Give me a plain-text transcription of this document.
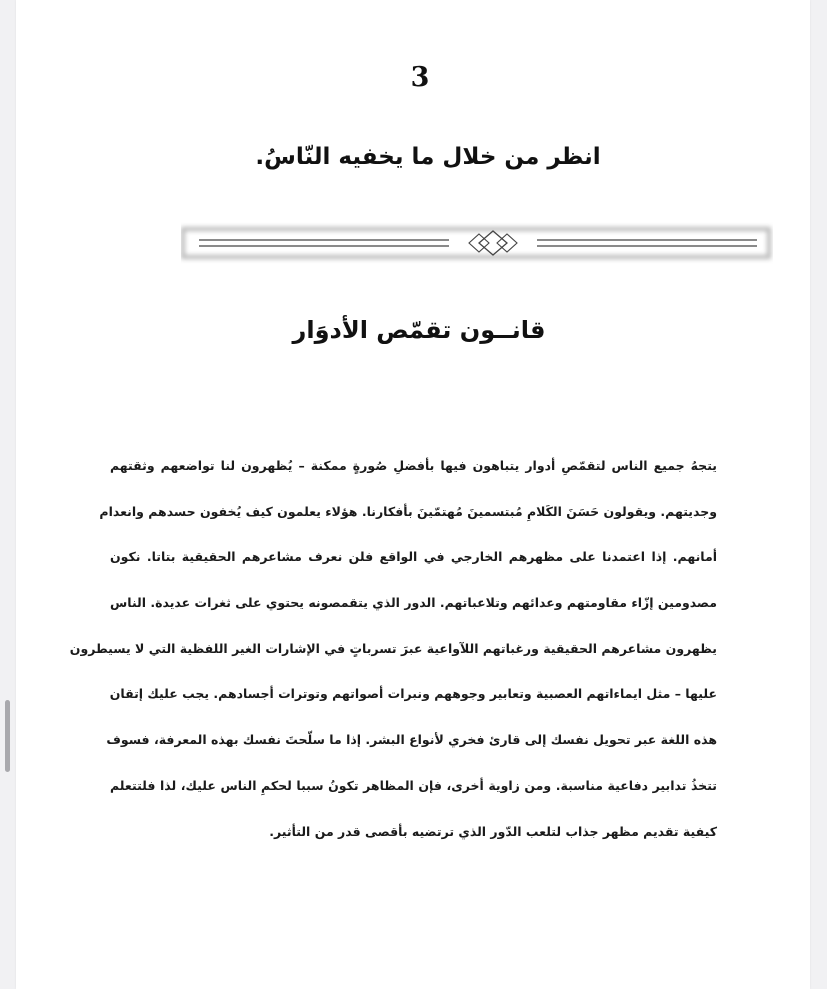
3
انظر من خلال ما يخفيه النّاسُ.
قانــون تقمّص الأدوَار
يتجهُ جميع الناس لتقمّصِ أدوار يتباهون فيها بأفضلِ صُورةٍ ممكنة – يُظهرون لنا تواضعهم وثقتهم
وجديتهم. ويقولون حَسَنَ الكَلامِ مُبتسمينَ مُهتمّينَ بأفكارنا. هؤلاء يعلمون كيف يُخفون حسدهم وانعدام
أمانهم. إذا اعتمدنا على مظهرهم الخارجي في الواقع فلن نعرف مشاعرهم الحقيقية بتاتا. نكون
مصدومين إزّاء مقاومتهم وعدائهم وتلاعباتهم. الدور الذي يتقمصونه يحتوي على ثغرات عديدة. الناس
يظهرون مشاعرهم الحقيقية ورغباتهم اللآواعية عبرَ تسرباتٍ في الإشارات الغير اللفظية التي لا يسيطرون
عليها – مثل ايماءاتهم العصبية وتعابير وجوههم ونبرات أصواتهم وتوترات أجسادهم. يجب عليك إتقان
هذه اللغة عبر تحويل نفسك إلى قارئ فخري لأنواع البشر. إذا ما سلّحتَ نفسك بهذه المعرفة، فسوف
تتخذُ تدابير دفاعية مناسبة. ومن زاوية أخرى، فإن المظاهر تكونُ سببا لحكمِ الناس عليك، لذا فلتتعلم
كيفية تقديم مظهر جذاب لتلعب الدّور الذي ترتضيه بأقصى قدر من التأثير.
